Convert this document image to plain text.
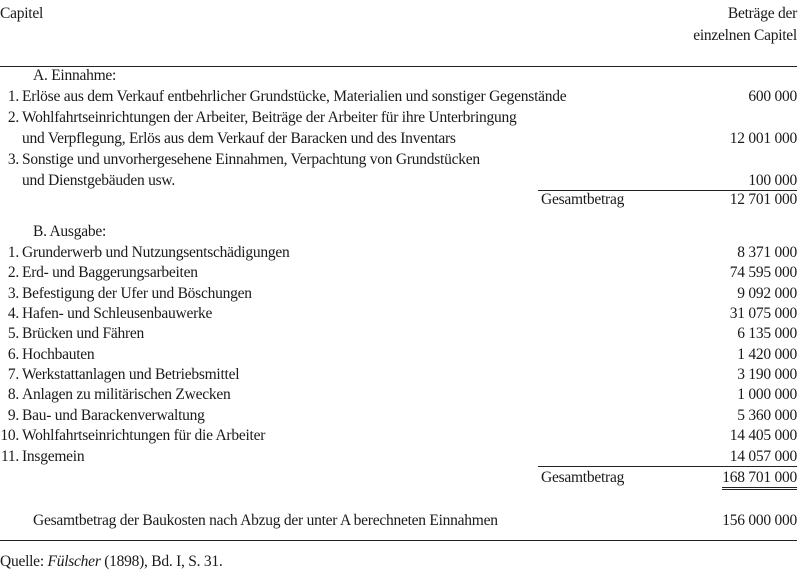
Capitel	Beträge der
einzelnen Capitel
A. Einnahme:
1. Erlöse aus dem Verkauf entbehrlicher Grundstücke, Materialien und sonstiger Gegenstände	600 000
2. Wohlfahrtseinrichtungen der Arbeiter, Beiträge der Arbeiter für ihre Unterbringung
und Verpflegung, Erlös aus dem Verkauf der Baracken und des Inventars	12 001 000
3. Sonstige und unvorhergesehene Einnahmen, Verpachtung von Grundstücken
und Dienstgebäuden usw.	100 000
Gesamtbetrag	12 701 000
B. Ausgabe:
1. Grunderwerb und Nutzungsentschädigungen	8 371 000
2. Erd- und Baggerungsarbeiten	74 595 000
3. Befestigung der Ufer und Böschungen	9 092 000
4. Hafen- und Schleusenbauwerke	31 075 000
5. Brücken und Fähren	6 135 000
6. Hochbauten	1 420 000
7. Werkstattanlagen und Betriebsmittel	3 190 000
8. Anlagen zu militärischen Zwecken	1 000 000
9. Bau- und Barackenverwaltung	5 360 000
10. Wohlfahrtseinrichtungen für die Arbeiter	14 405 000
11. Insgemein	14 057 000
Gesamtbetrag	168 701 000
Gesamtbetrag der Baukosten nach Abzug der unter A berechneten Einnahmen	156 000 000
Quelle: Fülscher (1898), Bd. I, S. 31.
